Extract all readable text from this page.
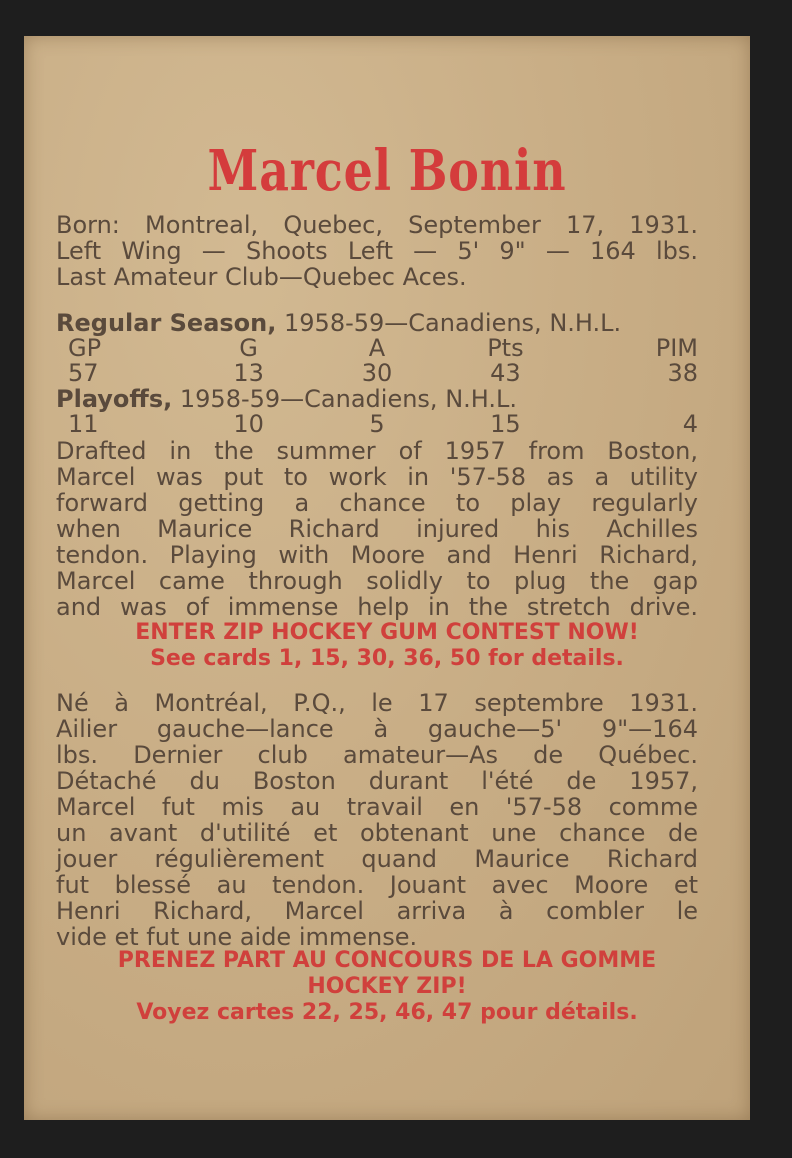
Marcel Bonin
Born: Montreal, Quebec, September 17, 1931.
Left Wing — Shoots Left — 5' 9" — 164 lbs.
Last Amateur Club—Quebec Aces.
Regular Season, 1958-59—Canadiens, N.H.L.
GP	G	A	Pts	PIM
57	13	30	43	38
Playoffs, 1958-59—Canadiens, N.H.L.
11	10	5	15	4
Drafted in the summer of 1957 from Boston,
Marcel was put to work in '57-58 as a utility
forward getting a chance to play regularly
when Maurice Richard injured his Achilles
tendon. Playing with Moore and Henri Richard,
Marcel came through solidly to plug the gap
and was of immense help in the stretch drive.
ENTER ZIP HOCKEY GUM CONTEST NOW!
See cards 1, 15, 30, 36, 50 for details.
Né à Montréal, P.Q., le 17 septembre 1931.
Ailier gauche—lance à gauche—5' 9"—164
lbs. Dernier club amateur—As de Québec.
Détaché du Boston durant l'été de 1957,
Marcel fut mis au travail en '57-58 comme
un avant d'utilité et obtenant une chance de
jouer régulièrement quand Maurice Richard
fut blessé au tendon. Jouant avec Moore et
Henri Richard, Marcel arriva à combler le
vide et fut une aide immense.
PRENEZ PART AU CONCOURS DE LA GOMME
HOCKEY ZIP!
Voyez cartes 22, 25, 46, 47 pour détails.
